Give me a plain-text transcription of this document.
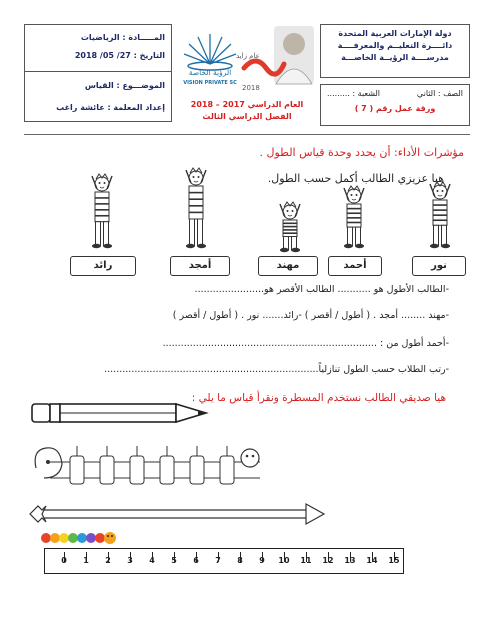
دولة الإمارات العربية المتحدة
دائــــرة التعليــم والمعرفــــة
مدرســــة الرؤيــة الخاصـــة
الصف : الثاني
الشعبة : .........
ورقة عمل رقم ( 7 )
المـــــادة : الرياضيات
التاريخ : 27/ 05/ 2018
الموضـــوع : القياس
إعداد المعلمة : عائشة راغب
الرؤية الخاصة
VISION PRIVATE SC
عام زايد
2018
العام الدراسي 2017 – 2018
الفصل الدراسي الثالث
مؤشرات الأداء: أن يحدد وحدة قياس الطول .
هيا عزيزي الطالب أكمل حسب الطول.
نور
أحمد
مهند
أمجد
رائد
-الطالب الأطول هو ........... الطالب الأقصر هو.......................
-مهند ........ أمجد . ( أطول / أقصر ) -رائد....... نور . ( أطول / أقصر )
-أحمد أطول من : .......................................................................
-رتب الطلاب حسب الطول تنازلياً.......................................................................
هيا صديقي الطالب نستخدم المسطرة ونقرأ قياس ما يلي :
0	1	2	3	4	5	6	7	8	9	10 11 12 13 14 15
